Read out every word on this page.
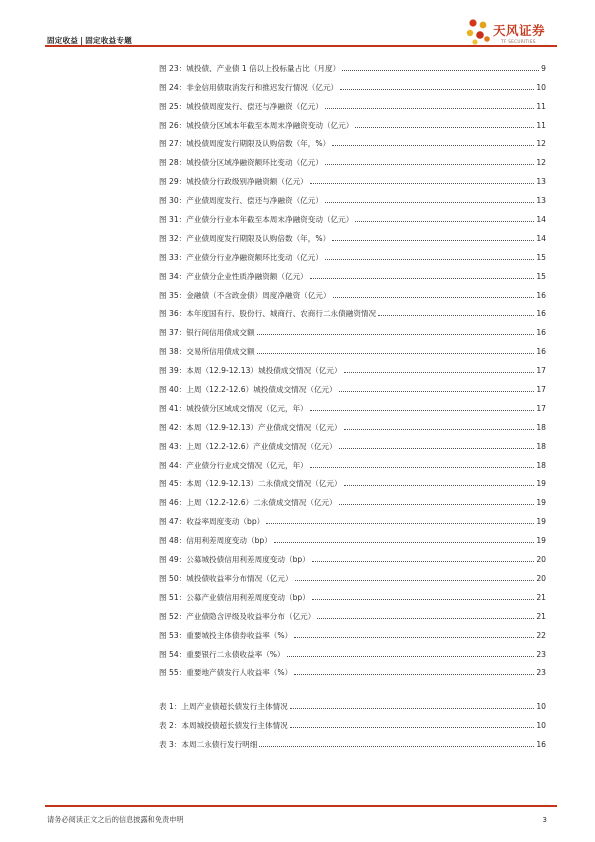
固定收益 | 固定收益专题
天风证券
TF SECURITIES
图 23：城投债、产业债 1 倍以上投标量占比（月度）	9
图 24：非金信用债取消发行和推迟发行情况（亿元）	10
图 25：城投债周度发行、偿还与净融资（亿元）	11
图 26：城投债分区域本年截至本周末净融资变动（亿元）	11
图 27：城投债周度发行期限及认购倍数（年，%）	12
图 28：城投债分区域净融资额环比变动（亿元）	12
图 29：城投债分行政级别净融资额（亿元）	13
图 30：产业债周度发行、偿还与净融资（亿元）	13
图 31：产业债分行业本年截至本周末净融资变动（亿元）	14
图 32：产业债周度发行期限及认购倍数（年，%）	14
图 33：产业债分行业净融资额环比变动（亿元）	15
图 34：产业债分企业性质净融资额（亿元）	15
图 35：金融债（不含政金债）周度净融资（亿元）	16
图 36：本年度国有行、股份行、城商行、农商行二永债融资情况	16
图 37：银行间信用债成交额	16
图 38：交易所信用债成交额	16
图 39：本周（12.9-12.13）城投债成交情况（亿元）	17
图 40：上周（12.2-12.6）城投债成交情况（亿元）	17
图 41：城投债分区域成交情况（亿元，年）	17
图 42：本周（12.9-12.13）产业债成交情况（亿元）	18
图 43：上周（12.2-12.6）产业债成交情况（亿元）	18
图 44：产业债分行业成交情况（亿元，年）	18
图 45：本周（12.9-12.13）二永债成交情况（亿元）	19
图 46：上周（12.2-12.6）二永债成交情况（亿元）	19
图 47：收益率周度变动（bp）	19
图 48：信用利差周度变动（bp）	19
图 49：公募城投债信用利差周度变动（bp）	20
图 50：城投债收益率分布情况（亿元）	20
图 51：公募产业债信用利差周度变动（bp）	21
图 52：产业债隐含评级及收益率分布（亿元）	21
图 53：重要城投主体债券收益率（%）	22
图 54：重要银行二永债收益率（%）	23
图 55：重要地产债发行人收益率（%）	23
表 1：上周产业债超长债发行主体情况	10
表 2：本周城投债超长债发行主体情况	10
表 3：本周二永债行发行明细	16
请务必阅读正文之后的信息披露和免责申明	3
